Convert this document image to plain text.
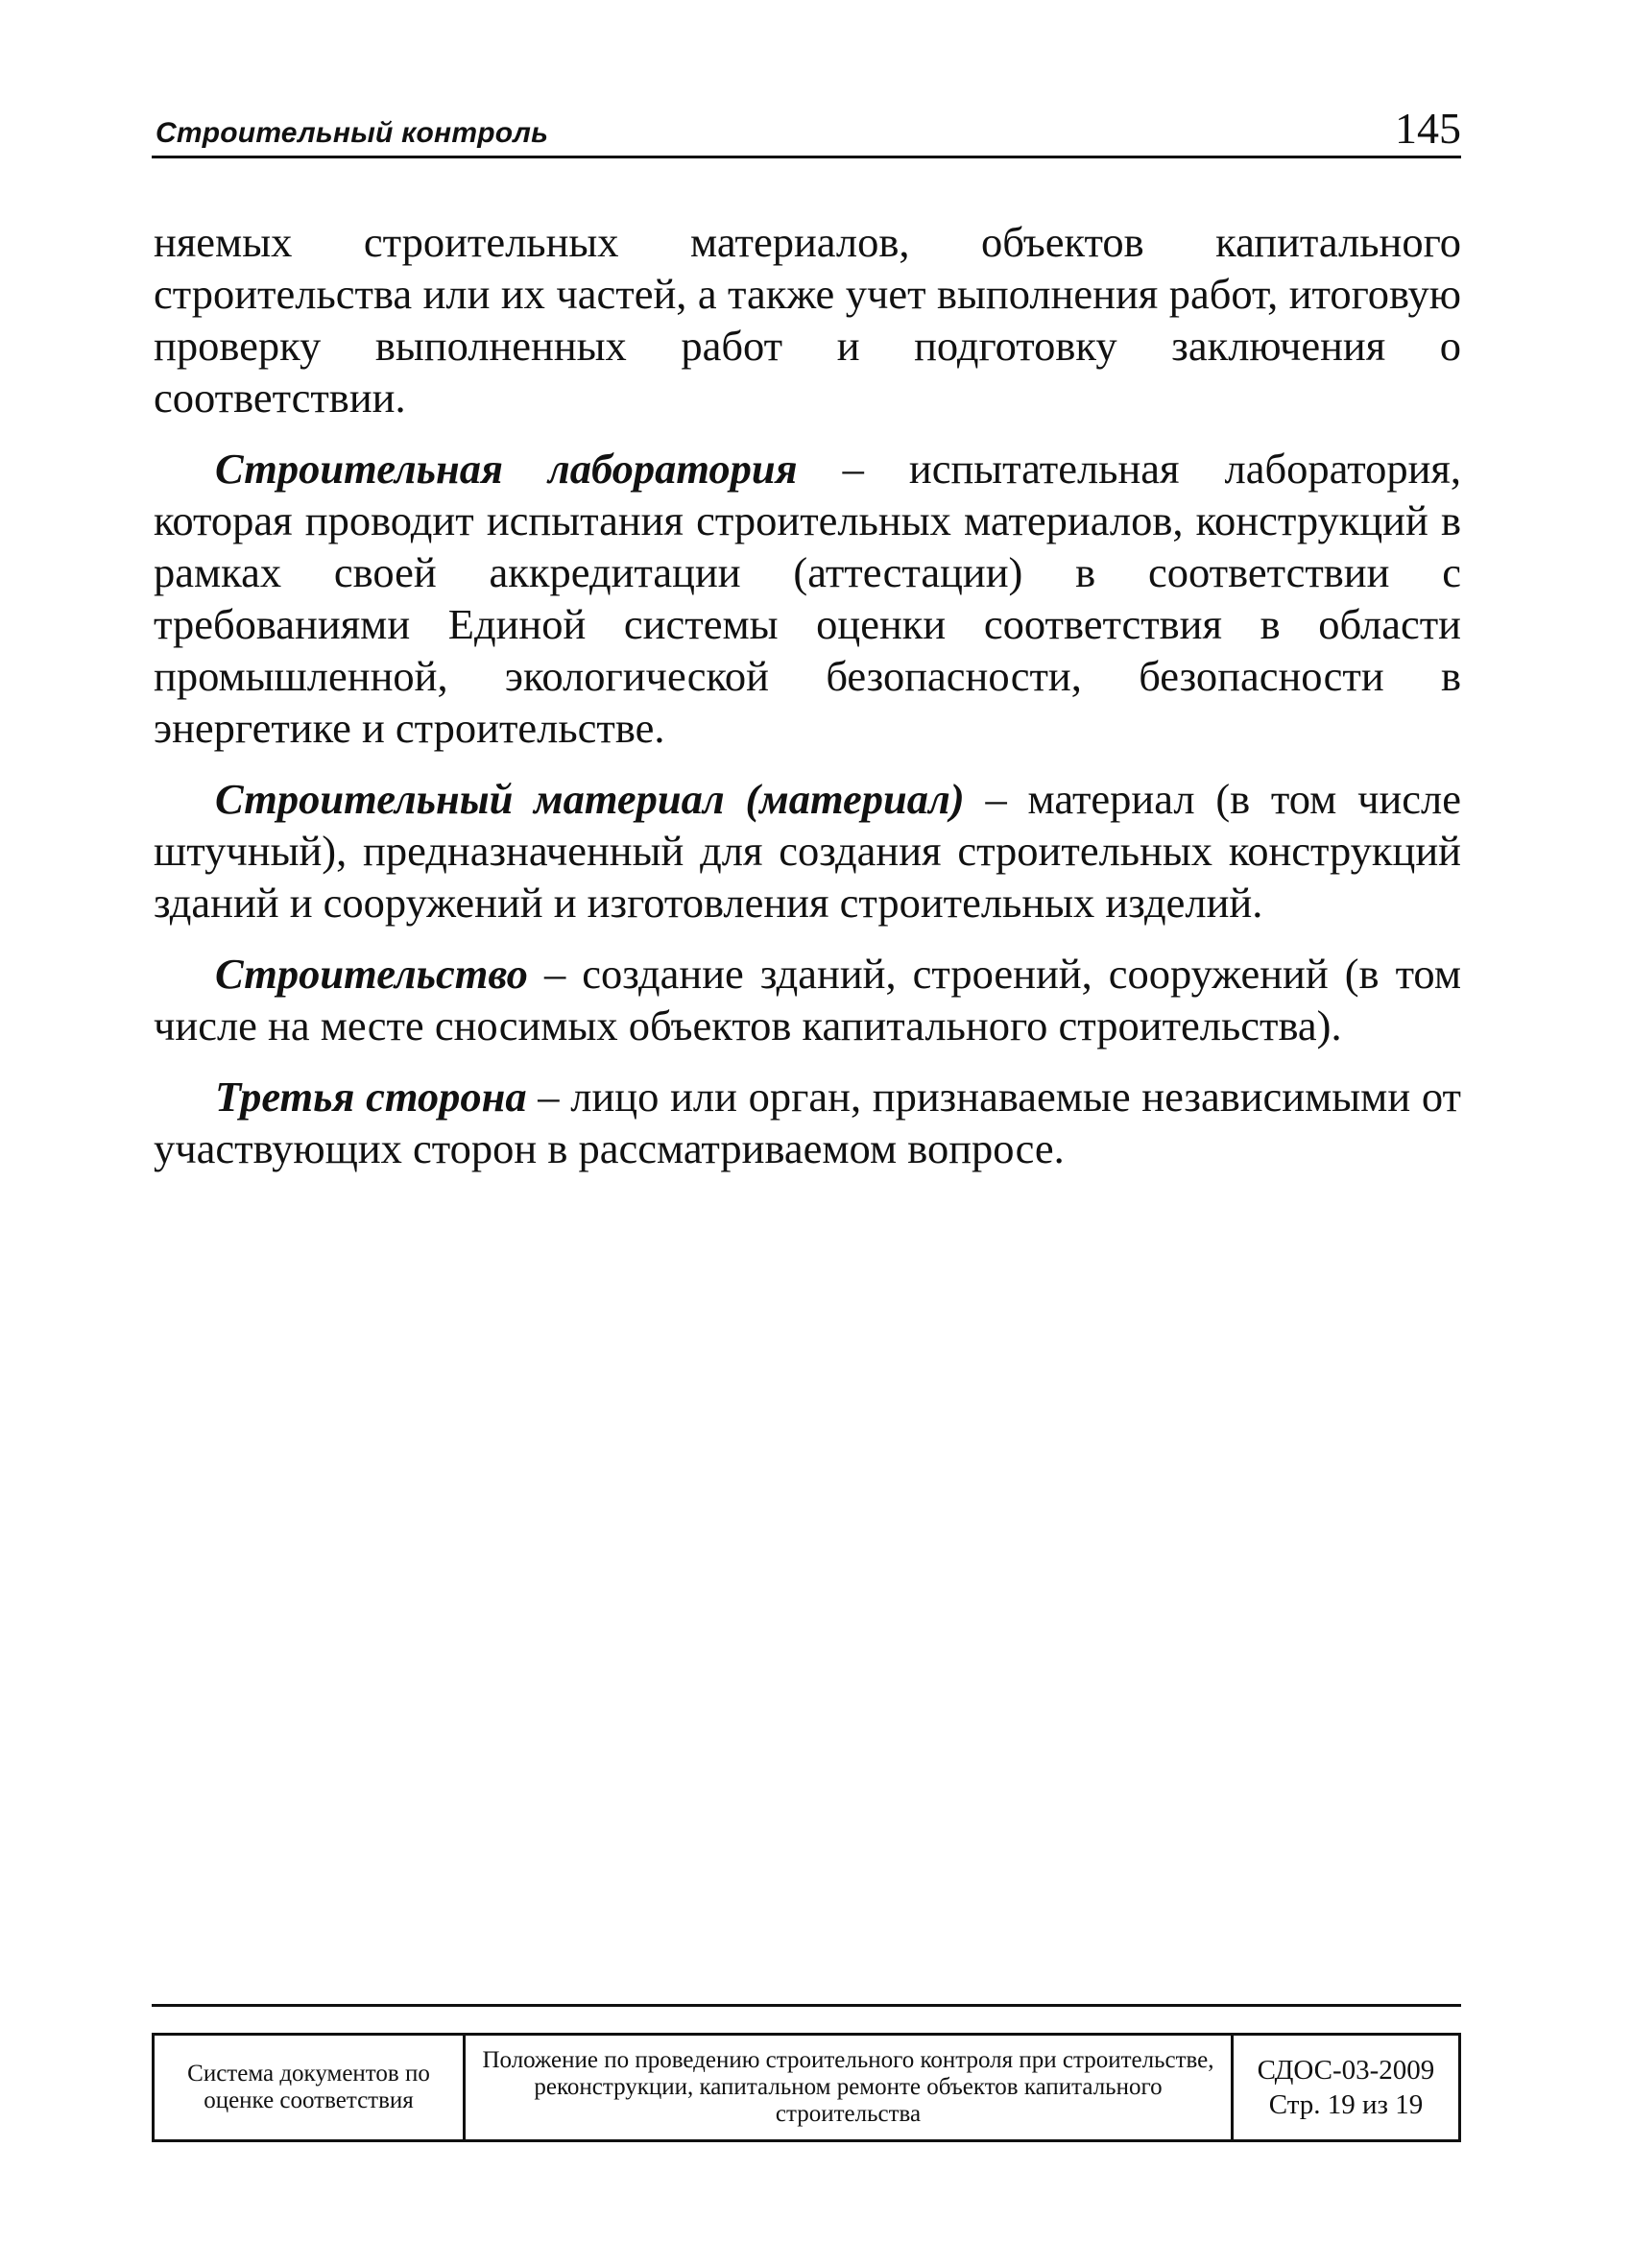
Строительный контроль	145

няемых строительных материалов, объектов капитального строительства или их частей, а также учет выполнения работ, итоговую проверку выполненных работ и подготовку заключения о соответствии.

Строительная лаборатория – испытательная лаборатория, которая проводит испытания строительных материалов, конструкций в рамках своей аккредитации (аттестации) в соответствии с требованиями Единой системы оценки соответствия в области промышленной, экологической безопасности, безопасности в энергетике и строительстве.

Строительный материал (материал) – материал (в том числе штучный), предназначенный для создания строительных конструкций зданий и сооружений и изготовления строительных изделий.

Строительство – создание зданий, строений, сооружений (в том числе на месте сносимых объектов капитального строительства).

Третья сторона – лицо или орган, признаваемые независимыми от участвующих сторон в рассматриваемом вопросе.

Система документов по оценке соответствия
Положение по проведению строительного контроля при строительстве, реконструкции, капитальном ремонте объектов капитального строительства
СДОС-03-2009
Стр. 19 из 19
